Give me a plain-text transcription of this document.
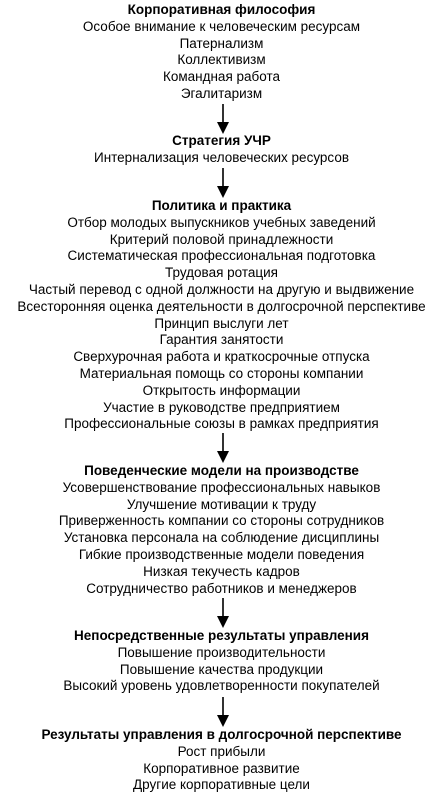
Корпоративная философия
Особое внимание к человеческим ресурсам
Патернализм
Коллективизм
Командная работа
Эгалитаризм
Стратегия УЧР
Интернализация человеческих ресурсов
Политика и практика
Отбор молодых выпускников учебных заведений
Критерий половой принадлежности
Систематическая профессиональная подготовка
Трудовая ротация
Частый перевод с одной должности на другую и выдвижение
Всесторонняя оценка деятельности в долгосрочной перспективе
Принцип выслуги лет
Гарантия занятости
Сверхурочная работа и краткосрочные отпуска
Материальная помощь со стороны компании
Открытость информации
Участие в руководстве предприятием
Профессиональные союзы в рамках предприятия
Поведенческие модели на производстве
Усовершенствование профессиональных навыков
Улучшение мотивации к труду
Приверженность компании со стороны сотрудников
Установка персонала на соблюдение дисциплины
Гибкие производственные модели поведения
Низкая текучесть кадров
Сотрудничество работников и менеджеров
Непосредственные результаты управления
Повышение производительности
Повышение качества продукции
Высокий уровень удовлетворенности покупателей
Результаты управления в долгосрочной перспективе
Рост прибыли
Корпоративное развитие
Другие корпоративные цели
